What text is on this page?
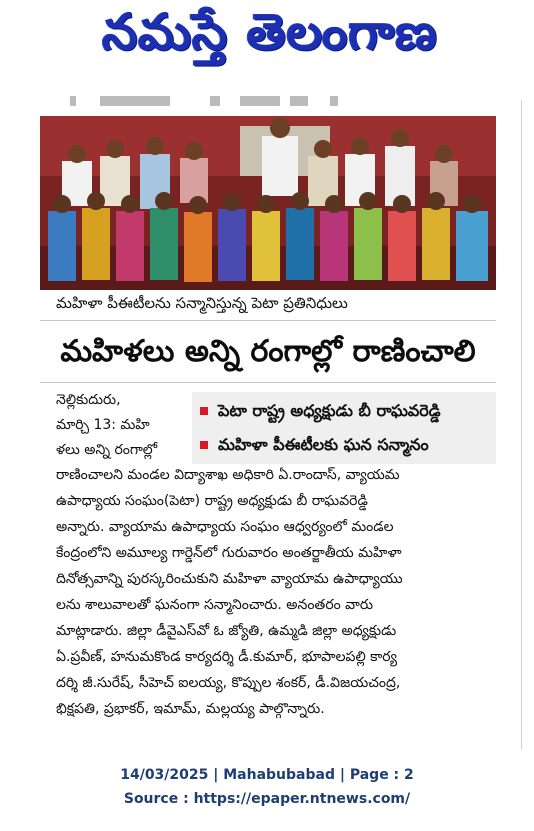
నమస్తే తెలంగాణ
మహిళా పీఈటీలను సన్మానిస్తున్న పెటా ప్రతినిధులు
మహిళలు అన్ని రంగాల్లో రాణించాలి
నెల్లికుదురు,
మార్చి 13: మహి
ళలు అన్ని రంగాల్లో
పెటా రాష్ట్ర అధ్యక్షుడు బీ రాఘవరెడ్డి
మహిళా పీఈటీలకు ఘన సన్మానం
రాణించాలని మండల విద్యాశాఖ అధికారి ఏ.రాందాస్, వ్యాయమ
ఉపాధ్యాయ సంఘం(పెటా) రాష్ట్ర అధ్యక్షుడు బీ రాఘవరెడ్డి
అన్నారు. వ్యాయామ ఉపాధ్యాయ సంఘం ఆధ్వర్యంలో మండల
కేంద్రంలోని అమూల్య గార్డెన్‌లో గురువారం అంతర్జాతీయ మహిళా
దినోత్సవాన్ని పురస్కరించుకుని మహిళా వ్యాయామ ఉపాధ్యాయు
లను శాలువాలతో ఘనంగా సన్మానించారు. అనంతరం వారు
మాట్లాడారు. జిల్లా డీవైఎస్‌వో ఓ జ్యోతి, ఉమ్మడి జిల్లా అధ్యక్షుడు
ఏ.ప్రవీణ్, హనుమకొండ కార్యదర్శి డీ.కుమార్, భూపాలపల్లి కార్య
దర్శి జీ.సురేష్, సీహెచ్ ఐలయ్య, కొప్పుల శంకర్, డీ.విజయచంద్ర,
భిక్షపతి, ప్రభాకర్, ఇమామ్, మల్లయ్య పాల్గొన్నారు.
14/03/2025 | Mahabubabad | Page : 2
Source : https://epaper.ntnews.com/
